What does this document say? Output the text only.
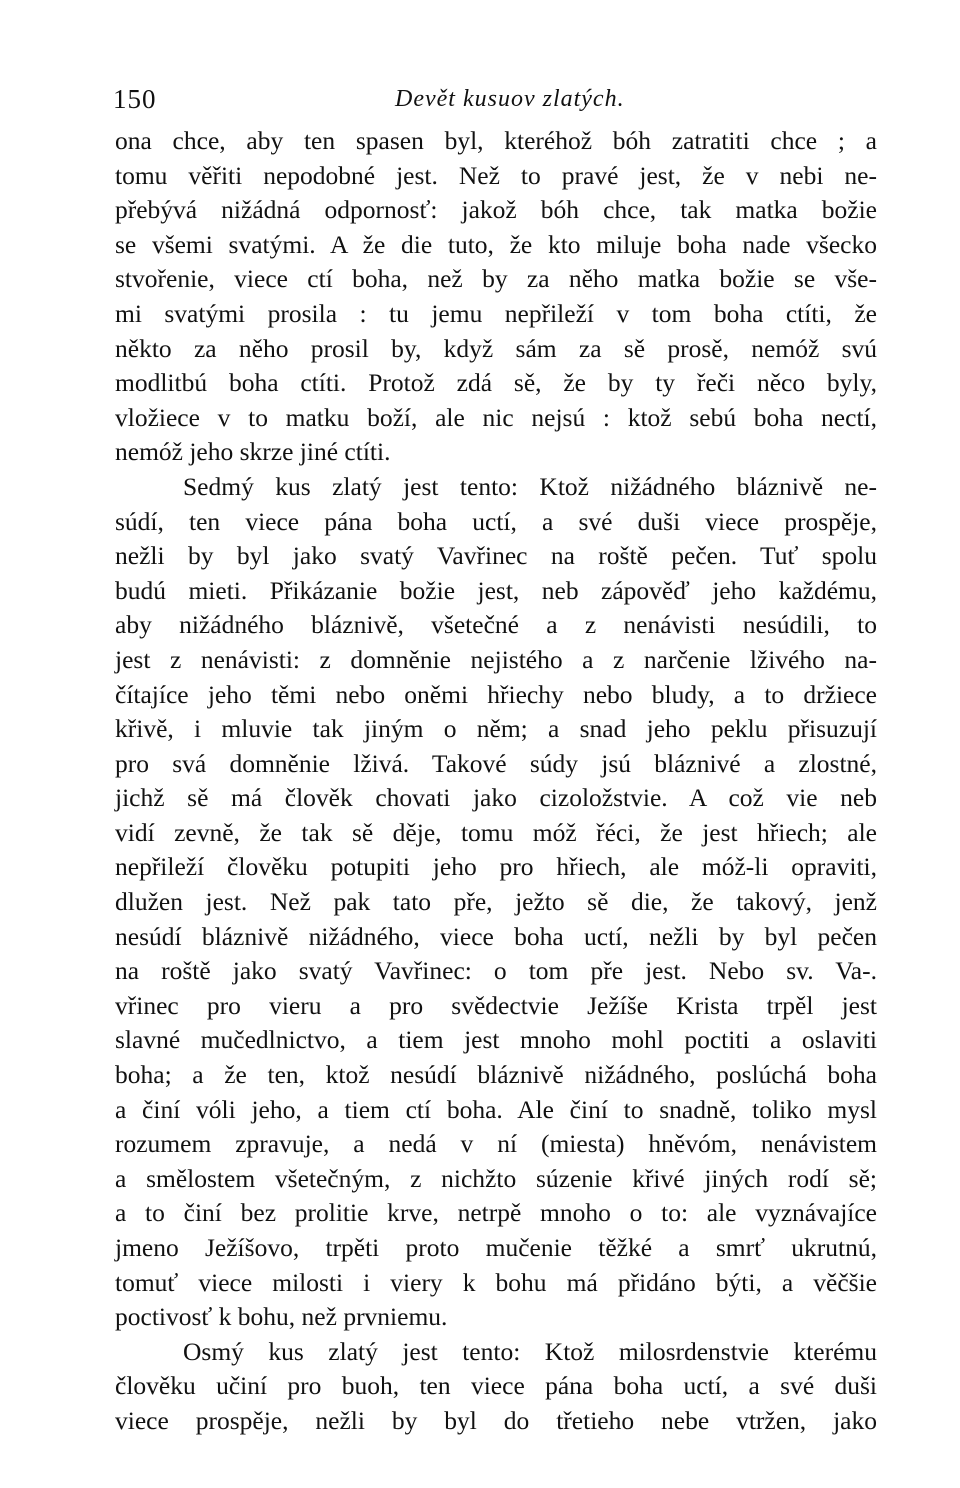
150	Devět kusuov zlatých.
ona chce, aby ten spasen byl, kteréhož bóh zatratiti chce ; a
tomu věřiti nepodobné jest. Než to pravé jest, že v nebi ne-
přebývá nižádná odpornosť: jakož bóh chce, tak matka božie
se všemi svatými. A že die tuto, že kto miluje boha nade všecko
stvořenie, viece ctí boha, než by za něho matka božie se vše-
mi svatými prosila : tu jemu nepřileží v tom boha ctíti, že
někto za něho prosil by, když sám za sě prosě, nemóž svú
modlitbú boha ctíti. Protož zdá sě, že by ty řeči něco byly,
vložiece v to matku boží, ale nic nejsú : ktož sebú boha nectí,
nemóž jeho skrze jiné ctíti.
Sedmý kus zlatý jest tento: Ktož nižádného bláznivě ne-
súdí, ten viece pána boha uctí, a své duši viece prospěje,
nežli by byl jako svatý Vavřinec na roště pečen. Tuť spolu
budú mieti. Přikázanie božie jest, neb zápověď jeho každému,
aby nižádného bláznivě, všetečné a z nenávisti nesúdili, to
jest z nenávisti: z domněnie nejistého a z narčenie lživého na-
čítajíce jeho těmi nebo oněmi hřiechy nebo bludy, a to držiece
křivě, i mluvie tak jiným o něm; a snad jeho peklu přisuzují
pro svá domněnie lživá. Takové súdy jsú bláznivé a zlostné,
jichž sě má člověk chovati jako cizoložstvie. A což vie neb
vidí zevně, že tak sě děje, tomu móž řéci, že jest hřiech; ale
nepřileží člověku potupiti jeho pro hřiech, ale móž-li opraviti,
dlužen jest. Než pak tato pře, ježto sě die, že takový, jenž
nesúdí bláznivě nižádného, viece boha uctí, nežli by byl pečen
na roště jako svatý Vavřinec: o tom pře jest. Nebo sv. Va-.
vřinec pro vieru a pro svědectvie Ježíše Krista trpěl jest
slavné mučedlnictvo, a tiem jest mnoho mohl poctiti a oslaviti
boha; a že ten, ktož nesúdí bláznivě nižádného, poslúchá boha
a činí vóli jeho, a tiem ctí boha. Ale činí to snadně, toliko mysl
rozumem zpravuje, a nedá v ní (miesta) hněvóm, nenávistem
a smělostem všetečným, z nichžto súzenie křivé jiných rodí sě;
a to činí bez prolitie krve, netrpě mnoho o to: ale vyznávajíce
jmeno Ježíšovo, trpěti proto mučenie těžké a smrť ukrutnú,
tomuť viece milosti i viery k bohu má přidáno býti, a věčšie
poctivosť k bohu, než prvniemu.
Osmý kus zlatý jest tento: Ktož milosrdenstvie kterému
člověku učiní pro buoh, ten viece pána boha uctí, a své duši
viece prospěje, nežli by byl do třetieho nebe vtržen, jako
